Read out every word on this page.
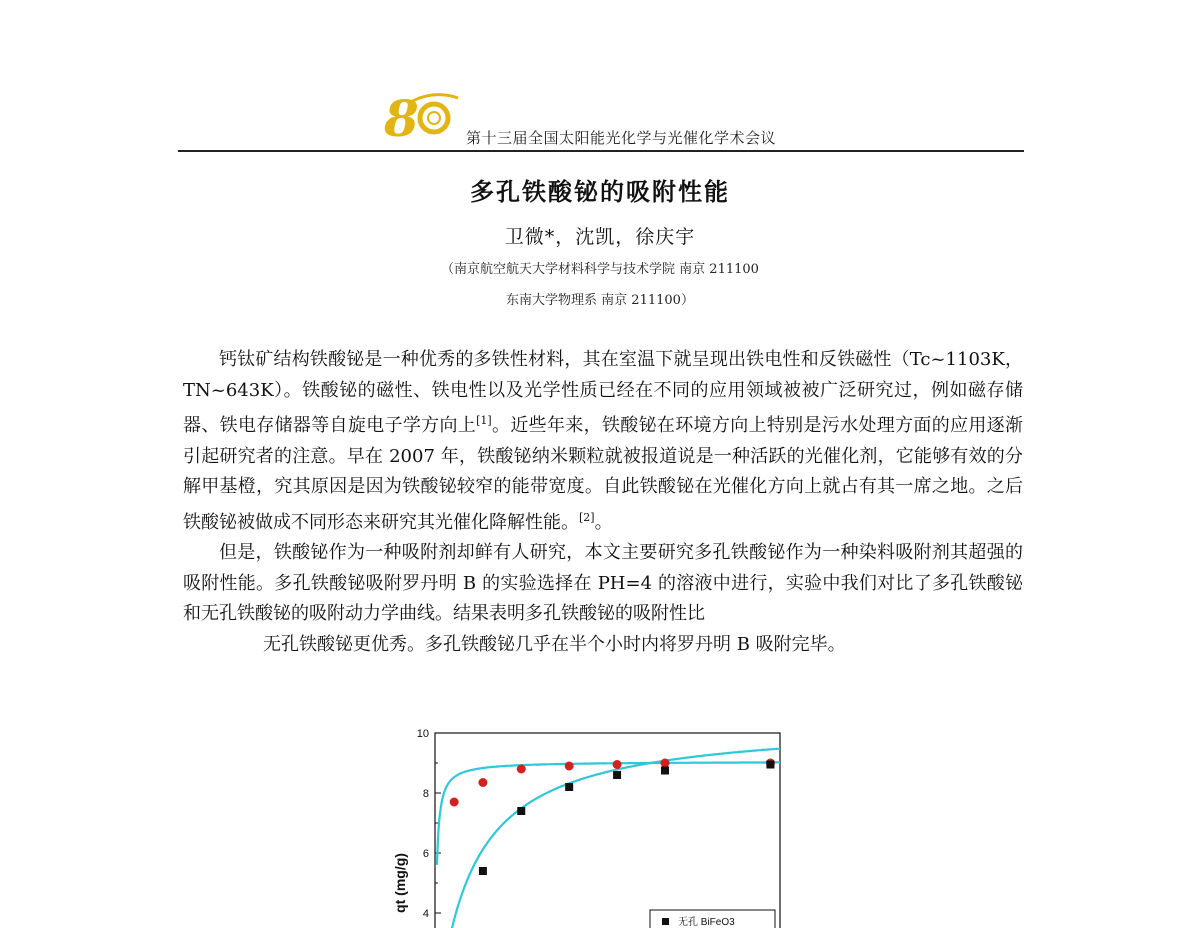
8	第十三届全国太阳能光化学与光催化学术会议
多孔铁酸铋的吸附性能
卫微*，沈凯，徐庆宇
（南京航空航天大学材料科学与技术学院 南京 211100
东南大学物理系 南京 211100）

钙钛矿结构铁酸铋是一种优秀的多铁性材料，其在室温下就呈现出铁电性和反铁磁性（Tc~1103K，TN~643K）。铁酸铋的磁性、铁电性以及光学性质已经在不同的应用领域被被广泛研究过，例如磁存储器、铁电存储器等自旋电子学方向上[1]。近些年来，铁酸铋在环境方向上特别是污水处理方面的应用逐渐引起研究者的注意。早在 2007 年，铁酸铋纳米颗粒就被报道说是一种活跃的光催化剂，它能够有效的分解甲基橙，究其原因是因为铁酸铋较窄的能带宽度。自此铁酸铋在光催化方向上就占有其一席之地。之后铁酸铋被做成不同形态来研究其光催化降解性能。[2]。

但是，铁酸铋作为一种吸附剂却鲜有人研究，本文主要研究多孔铁酸铋作为一种染料吸附剂其超强的吸附性能。多孔铁酸铋吸附罗丹明 B 的实验选择在 PH=4 的溶液中进行，实验中我们对比了多孔铁酸铋和无孔铁酸铋的吸附动力学曲线。结果表明多孔铁酸铋的吸附性比

无孔铁酸铋更优秀。多孔铁酸铋几乎在半个小时内将罗丹明 B 吸附完毕。

4
6
8
10
qt (mg/g)
无孔 BiFeO3
